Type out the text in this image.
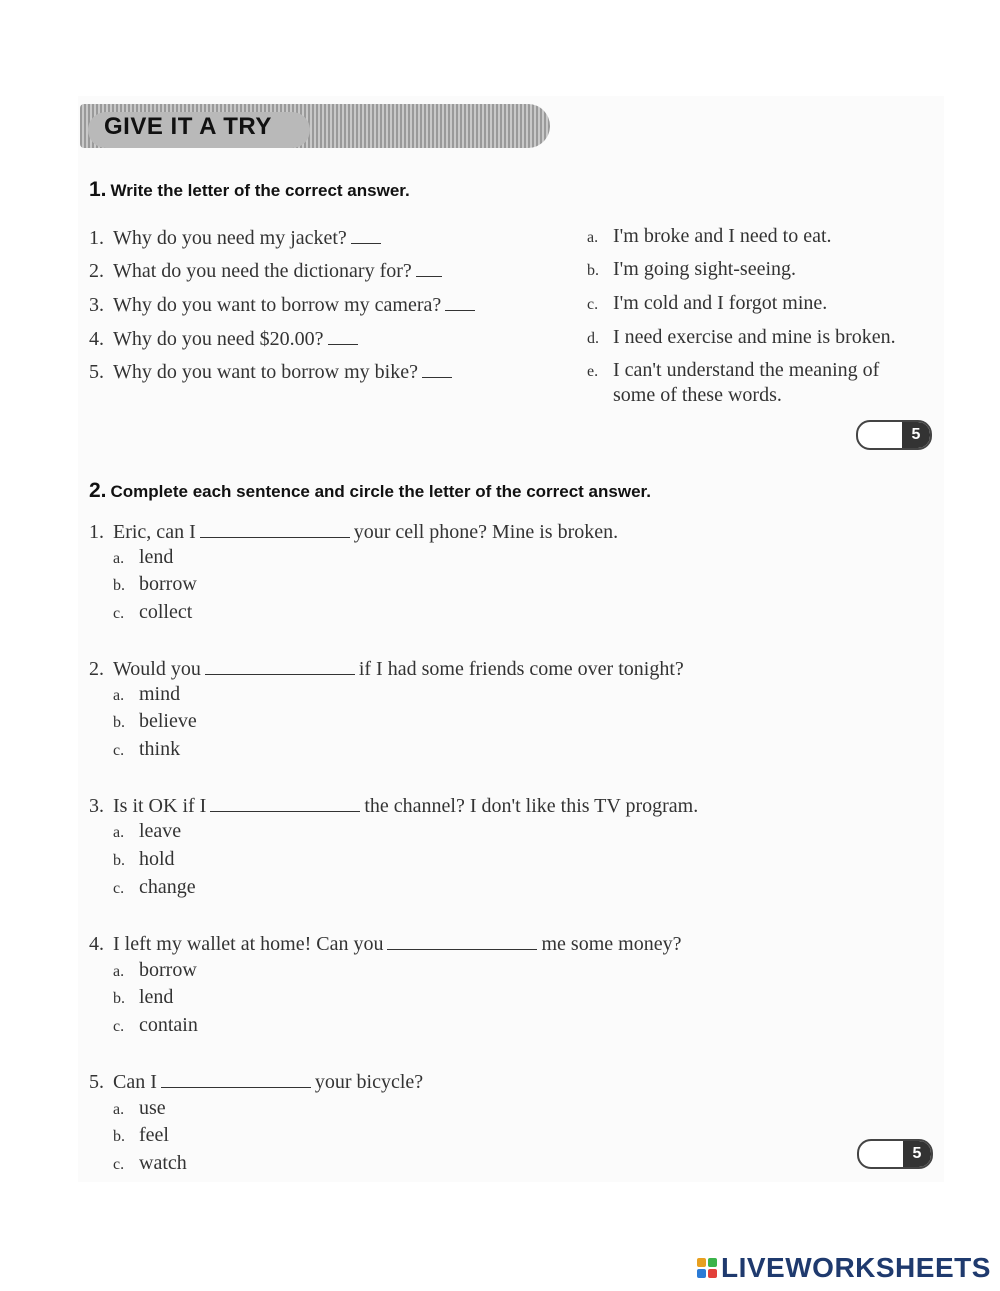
GIVE IT A TRY
1. Write the letter of the correct answer.
1. Why do you need my jacket?
2. What do you need the dictionary for?
3. Why do you want to borrow my camera?
4. Why do you need $20.00?
5. Why do you want to borrow my bike?
a. I'm broke and I need to eat.
b. I'm going sight-seeing.
c. I'm cold and I forgot mine.
d. I need exercise and mine is broken.
e. I can't understand the meaning of
some of these words.
5
2. Complete each sentence and circle the letter of the correct answer.
1. Eric, can I	your cell phone? Mine is broken.
a. lend
b. borrow
c. collect
2. Would you	if I had some friends come over tonight?
a. mind
b. believe
c. think
3. Is it OK if I	the channel? I don't like this TV program.
a. leave
b. hold
c. change
4. I left my wallet at home! Can you	me some money?
a. borrow
b. lend
c. contain
5. Can I	your bicycle?
a. use
b. feel
c. watch	5
LIVEWORKSHEETS
